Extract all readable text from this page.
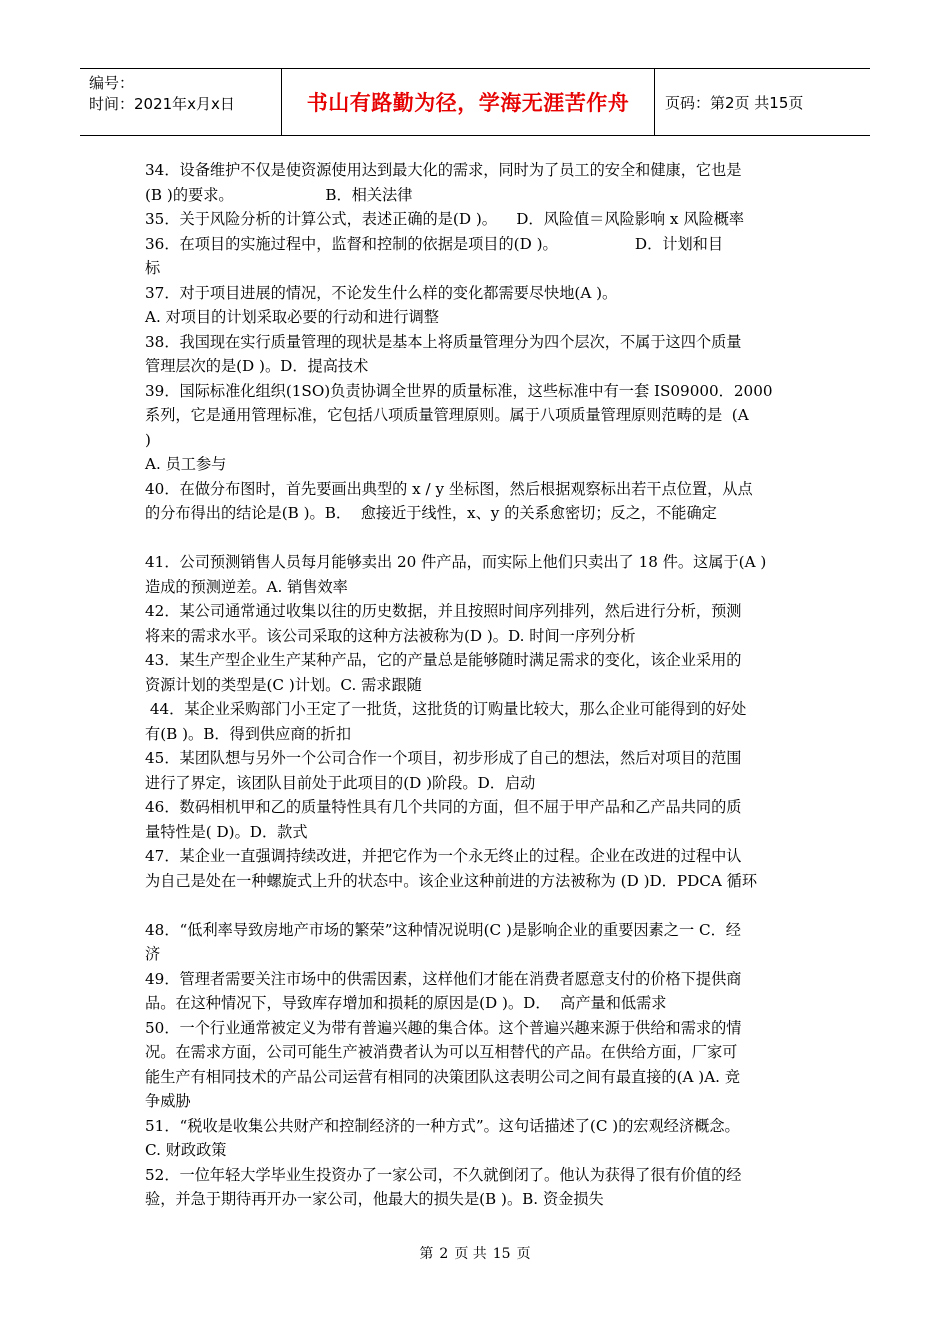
编号：
时间：2021年x月x日	书山有路勤为径，学海无涯苦作舟	页码：第2页 共15页
34．设备维护不仅是使资源使用达到最大化的需求，同时为了员工的安全和健康，它也是
(B )的要求。                   B．相关法律
35．关于风险分析的计算公式，表述正确的是(D )。    D．风险值＝风险影响 x 风险概率
36．在项目的实施过程中，监督和控制的依据是项目的(D )。                D．计划和目
标
37．对于项目进展的情况，不论发生什么样的变化都需要尽快地(A )。
A. 对项目的计划采取必要的行动和进行调整
38．我国现在实行质量管理的现状是基本上将质量管理分为四个层次，不属于这四个质量
管理层次的是(D )。D．提高技术
39．国际标准化组织(1SO)负责协调全世界的质量标准，这些标准中有一套 IS09000．2000
系列，它是通用管理标准，它包括八项质量管理原则。属于八项质量管理原则范畴的是  (A
)
A. 员工参与
40．在做分布图时，首先要画出典型的 x / y 坐标图，然后根据观察标出若干点位置，从点
的分布得出的结论是(B )。B．  愈接近于线性，x、y 的关系愈密切；反之，不能确定
41．公司预测销售人员每月能够卖出 20 件产品，而实际上他们只卖出了 18 件。这属于(A )
造成的预测逆差。A. 销售效率
42．某公司通常通过收集以往的历史数据，并且按照时间序列排列，然后进行分析，预测
将来的需求水平。该公司采取的这种方法被称为(D )。D. 时间一序列分析
43．某生产型企业生产某种产品，它的产量总是能够随时满足需求的变化，该企业采用的
资源计划的类型是(C )计划。C. 需求跟随
44．某企业采购部门小王定了一批货，这批货的订购量比较大，那么企业可能得到的好处
有(B )。B．得到供应商的折扣
45．某团队想与另外一个公司合作一个项目，初步形成了自己的想法，然后对项目的范围
进行了界定，该团队目前处于此项目的(D )阶段。D．启动
46．数码相机甲和乙的质量特性具有几个共同的方面，但不屈于甲产品和乙产品共同的质
量特性是( D)。D．款式
47．某企业一直强调持续改进，并把它作为一个永无终止的过程。企业在改进的过程中认
为自己是处在一种螺旋式上升的状态中。该企业这种前进的方法被称为 (D )D．PDCA 循环
48．“低利率导致房地产市场的繁荣”这种情况说明(C )是影响企业的重要因素之一 C．经
济
49．管理者需要关注市场中的供需因素，这样他们才能在消费者愿意支付的价格下提供商
品。在这种情况下，导致库存增加和损耗的原因是(D )。D．  高产量和低需求
50．一个行业通常被定义为带有普遍兴趣的集合体。这个普遍兴趣来源于供给和需求的情
况。在需求方面，公司可能生产被消费者认为可以互相替代的产品。在供给方面，厂家可
能生产有相同技术的产品公司运营有相同的决策团队这表明公司之间有最直接的(A )A. 竞
争威胁
51．“税收是收集公共财产和控制经济的一种方式”。这句话描述了(C )的宏观经济概念。
C. 财政政策
52．一位年轻大学毕业生投资办了一家公司，不久就倒闭了。他认为获得了很有价值的经
验，并急于期待再开办一家公司，他最大的损失是(B )。B. 资金损失
第 2 页 共 15 页
